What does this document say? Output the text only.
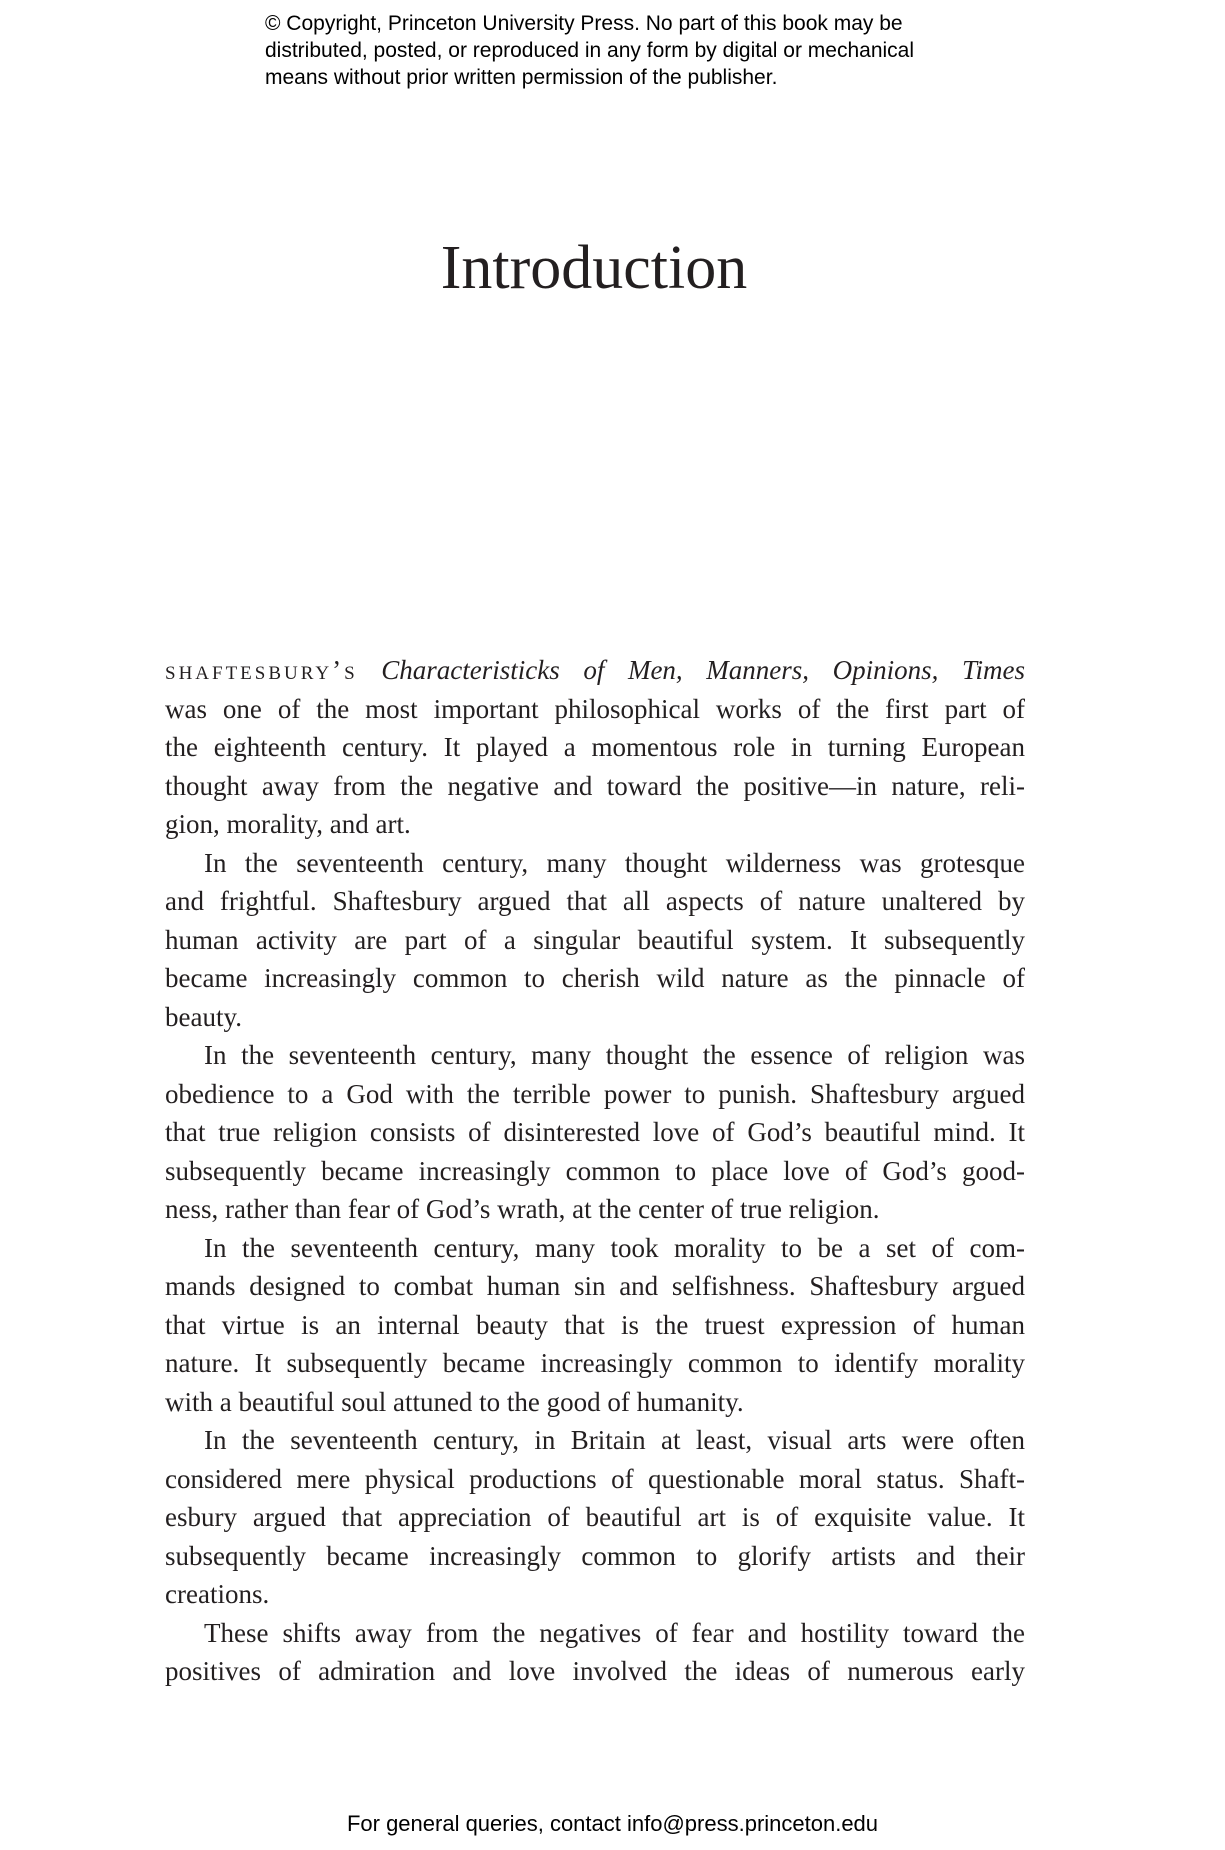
© Copyright, Princeton University Press. No part of this book may be
distributed, posted, or reproduced in any form by digital or mechanical
means without prior written permission of the publisher.
Introduction
shaftesbury’s Characteristicks of Men, Manners, Opinions, Times
was one of the most important philosophical works of the first part of
the eighteenth century. It played a momentous role in turning European
thought away from the negative and toward the positive—in nature, reli-
gion, morality, and art.
In the seventeenth century, many thought wilderness was grotesque
and frightful. Shaftesbury argued that all aspects of nature unaltered by
human activity are part of a singular beautiful system. It subsequently
became increasingly common to cherish wild nature as the pinnacle of
beauty.
In the seventeenth century, many thought the essence of religion was
obedience to a God with the terrible power to punish. Shaftesbury argued
that true religion consists of disinterested love of God’s beautiful mind. It
subsequently became increasingly common to place love of God’s good-
ness, rather than fear of God’s wrath, at the center of true religion.
In the seventeenth century, many took morality to be a set of com-
mands designed to combat human sin and selfishness. Shaftesbury argued
that virtue is an internal beauty that is the truest expression of human
nature. It subsequently became increasingly common to identify morality
with a beautiful soul attuned to the good of humanity.
In the seventeenth century, in Britain at least, visual arts were often
considered mere physical productions of questionable moral status. Shaft-
esbury argued that appreciation of beautiful art is of exquisite value. It
subsequently became increasingly common to glorify artists and their
creations.
These shifts away from the negatives of fear and hostility toward the
positives of admiration and love involved the ideas of numerous early
For general queries, contact info@press.princeton.edu
